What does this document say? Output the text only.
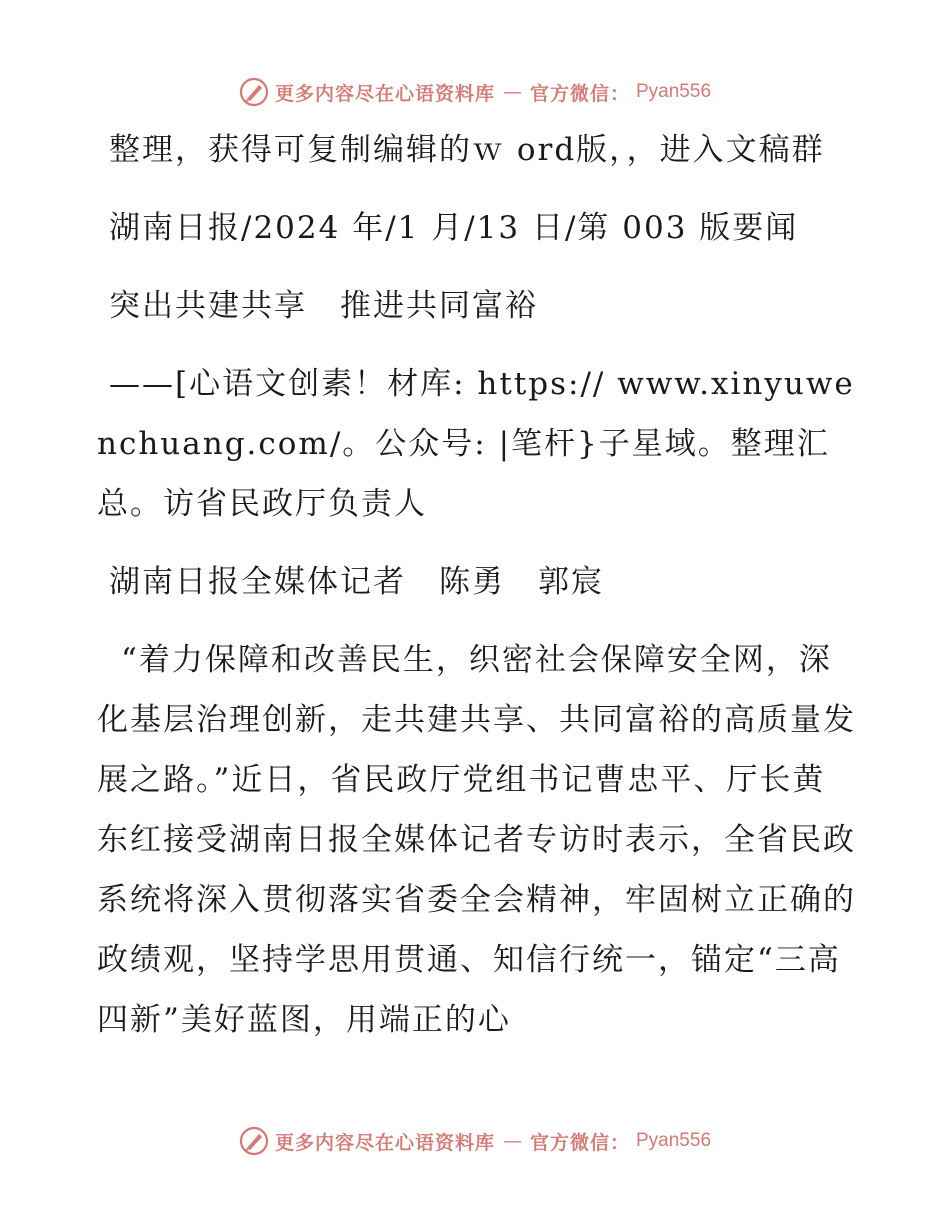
更多内容尽在心语资料库 — 官方微信： Pyan556

整理，获得可复制编辑的ｗ ord版，，进入文稿群

湖南日报/2024 年/1 月/13 日/第 003 版要闻

突出共建共享　推进共同富裕

——[心语文创素！材库: https:// www.xinyuwenchuang.com/。公众号: |笔杆}子星域。整理汇总。访省民政厅负责人

湖南日报全媒体记者　陈勇　郭宸

“着力保障和改善民生，织密社会保障安全网，深化基层治理创新，走共建共享、共同富裕的高质量发展之路。”近日，省民政厅党组书记曹忠平、厅长黄东红接受湖南日报全媒体记者专访时表示，全省民政系统将深入贯彻落实省委全会精神，牢固树立正确的政绩观，坚持学思用贯通、知信行统一，锚定“三高四新”美好蓝图，用端正的心

更多内容尽在心语资料库 — 官方微信： Pyan556
